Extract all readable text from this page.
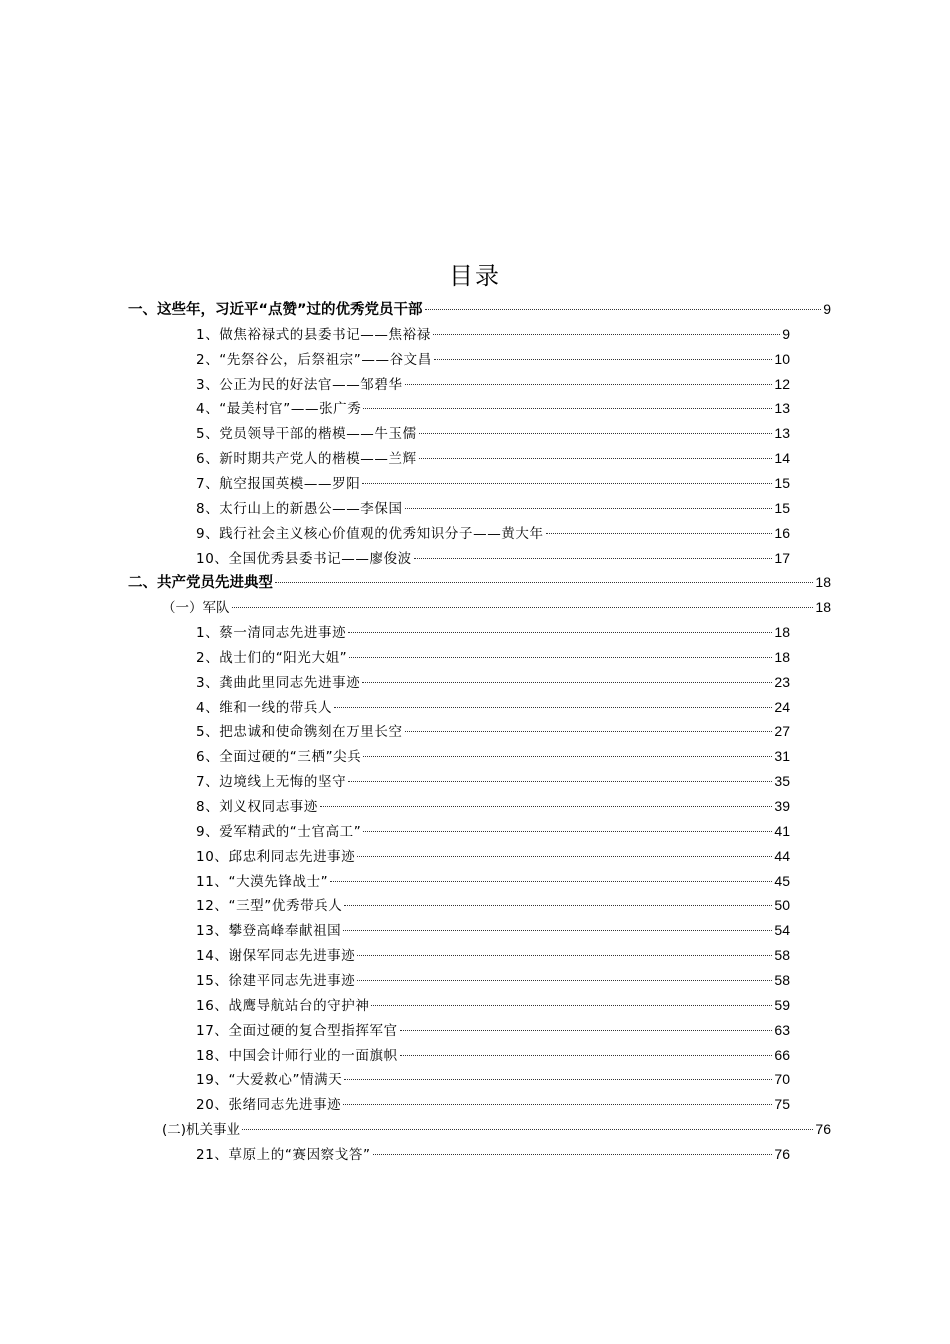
目录
一、这些年，习近平“点赞”过的优秀党员干部	9
1、做焦裕禄式的县委书记——焦裕禄	9
2、“先祭谷公，后祭祖宗”——谷文昌	10
3、公正为民的好法官——邹碧华	12
4、“最美村官”——张广秀	13
5、党员领导干部的楷模——牛玉儒	13
6、新时期共产党人的楷模——兰辉	14
7、航空报国英模——罗阳	15
8、太行山上的新愚公——李保国	15
9、践行社会主义核心价值观的优秀知识分子——黄大年	16
10、全国优秀县委书记——廖俊波	17
二、共产党员先进典型	18
（一）军队	18
1、蔡一清同志先进事迹	18
2、战士们的“阳光大姐”	18
3、龚曲此里同志先进事迹	23
4、维和一线的带兵人	24
5、把忠诚和使命镌刻在万里长空	27
6、全面过硬的“三栖”尖兵	31
7、边境线上无悔的坚守	35
8、刘义权同志事迹	39
9、爱军精武的“士官高工”	41
10、邱忠利同志先进事迹	44
11、“大漠先锋战士”	45
12、“三型”优秀带兵人	50
13、攀登高峰奉献祖国	54
14、谢保军同志先进事迹	58
15、徐建平同志先进事迹	58
16、战鹰导航站台的守护神	59
17、全面过硬的复合型指挥军官	63
18、中国会计师行业的一面旗帜	66
19、“大爱救心”情满天	70
20、张绪同志先进事迹	75
(二)机关事业	76
21、草原上的“赛因察戈答”	76
